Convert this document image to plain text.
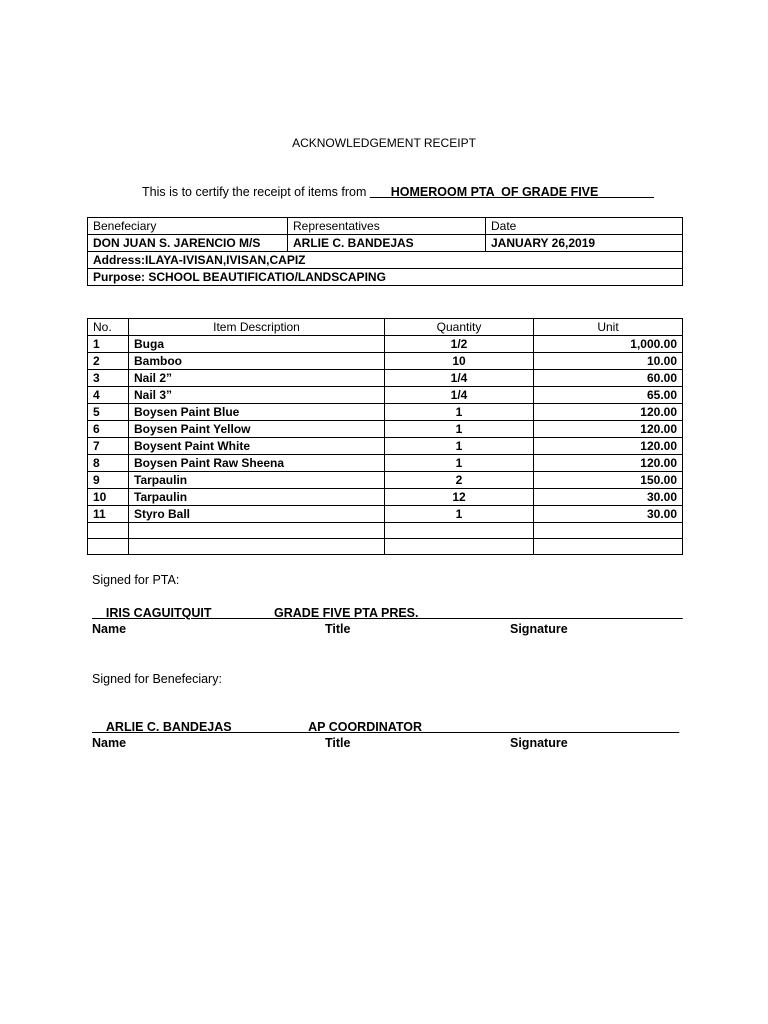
ACKNOWLEDGEMENT RECEIPT
This is to certify the receipt of items from ___HOMEROOM PTA  OF GRADE FIVE________
Benefeciary	Representatives	Date
DON JUAN S. JARENCIO M/S	ARLIE C. BANDEJAS	JANUARY 26,2019
Address:ILAYA-IVISAN,IVISAN,CAPIZ		
Purpose: SCHOOL BEAUTIFICATIO/LANDSCAPING		
No.	Item Description	Quantity	Unit
1	Buga	1/2	1,000.00
2	Bamboo	10	10.00
3	Nail 2”	1/4	60.00
4	Nail 3”	1/4	65.00
5	Boysen Paint Blue	1	120.00
6	Boysen Paint Yellow	1	120.00
7	Boysent Paint White	1	120.00
8	Boysen Paint Raw Sheena	1	120.00
9	Tarpaulin	2	150.00
10	Tarpaulin	12	30.00
11	Styro Ball	1	30.00

Signed for PTA:
__IRIS CAGUITQUIT_________GRADE FIVE PTA PRES.______________________________________
Name	Title	Signature
Signed for Benefeciary:
__ARLIE C. BANDEJAS___________AP COORDINATOR_____________________________________
Name	Title	Signature
